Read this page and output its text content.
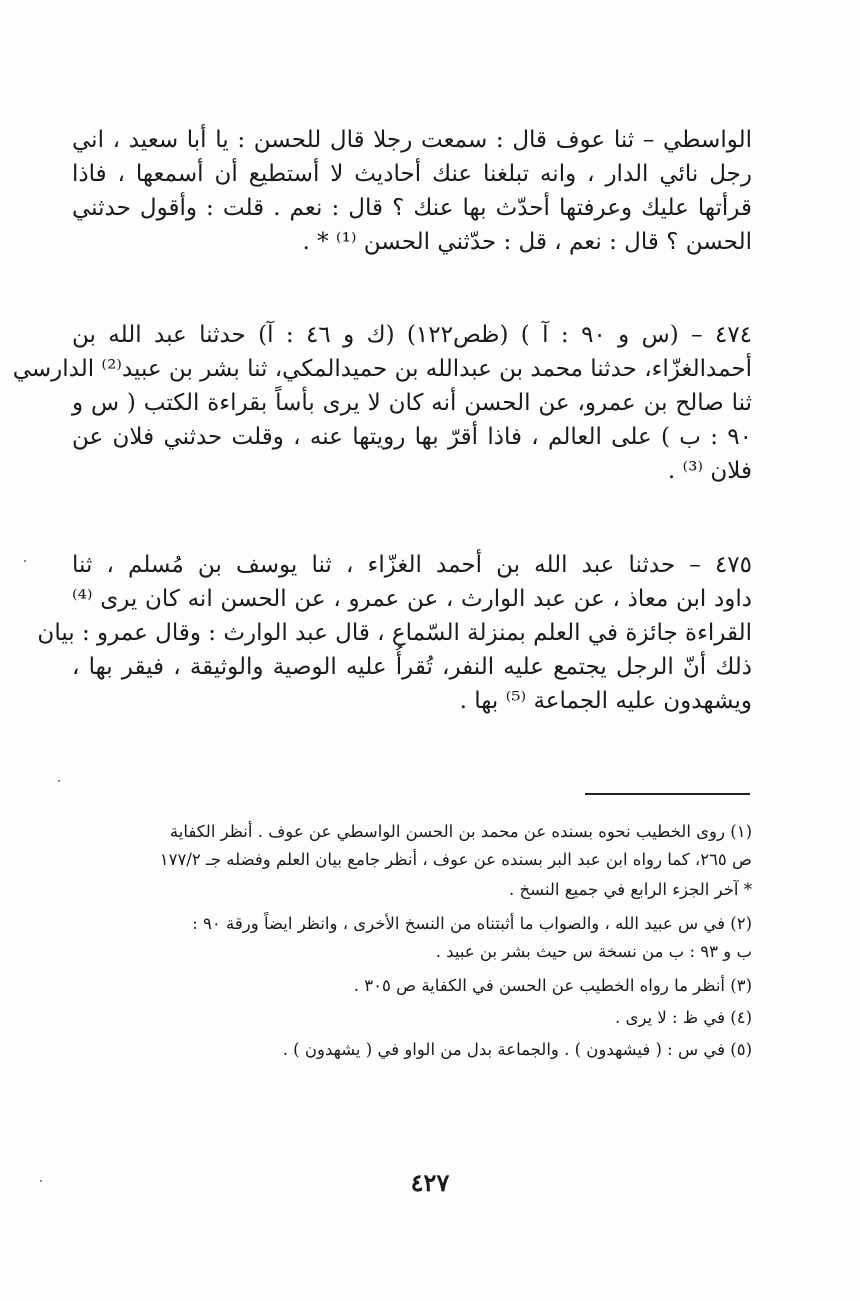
الواسطي – ثنا عوف قال : سمعت رجلا قال للحسن : يا أبا سعيد ، اني
رجل نائي الدار ، وانه تبلغنا عنك أحاديث لا أستطيع أن أسمعها ، فاذا
قرأتها عليك وعرفتها أحدّث بها عنك ؟ قال : نعم . قلت : وأقول حدثني
الحسن ؟ قال : نعم ، قل : حدّثني الحسن ⁽¹⁾ * .
٤٧٤ – (س و ٩٠ : آ ) (ظص١٢٢) (ك و ٤٦ : آ) حدثنا عبد الله بن
أحمدالغزّاء، حدثنا محمد بن عبدالله بن حميدالمكي، ثنا بشر بن عبيد⁽²⁾ الدارسي
ثنا صالح بن عمرو، عن الحسن أنه كان لا يرى بأساً بقراءة الكتب ( س و
٩٠ : ب ) على العالم ، فاذا أقرّ بها رويتها عنه ، وقلت حدثني فلان عن
فلان ⁽³⁾ .
٤٧٥ – حدثنا عبد الله بن أحمد الغزّاء ، ثنا يوسف بن مُسلم ، ثنا
داود ابن معاذ ، عن عبد الوارث ، عن عمرو ، عن الحسن انه كان يرى ⁽⁴⁾
القراءة جائزة في العلم بمنزلة السّماع ، قال عبد الوارث : وقال عمرو : بيان
ذلك أنّ الرجل يجتمع عليه النفر، تُقرأُ عليه الوصية والوثيقة ، فيقر بها ،
ويشهدون عليه الجماعة ⁽⁵⁾ بها .
(١) روى الخطيب نحوه بسنده عن محمد بن الحسن الواسطي عن عوف . أنظر الكفاية
ص ٢٦٥، كما رواه ابن عبد البر بسنده عن عوف ، أنظر جامع بيان العلم وفضله جـ ١٧٧/٢
* آخر الجزء الرابع في جميع النسخ .
(٢) في س عبيد الله ، والصواب ما أثبتناه من النسخ الأخرى ، وانظر ايضاً ورقة ٩٠ :
ب و ٩٣ : ب من نسخة س حيث بشر بن عبيد .
(٣) أنظر ما رواه الخطيب عن الحسن في الكفاية ص ٣٠٥ .
(٤) في ظ : لا يرى .
(٥) في س : ( فيشهدون ) . والجماعة بدل من الواو في ( يشهدون ) .
٤٢٧
